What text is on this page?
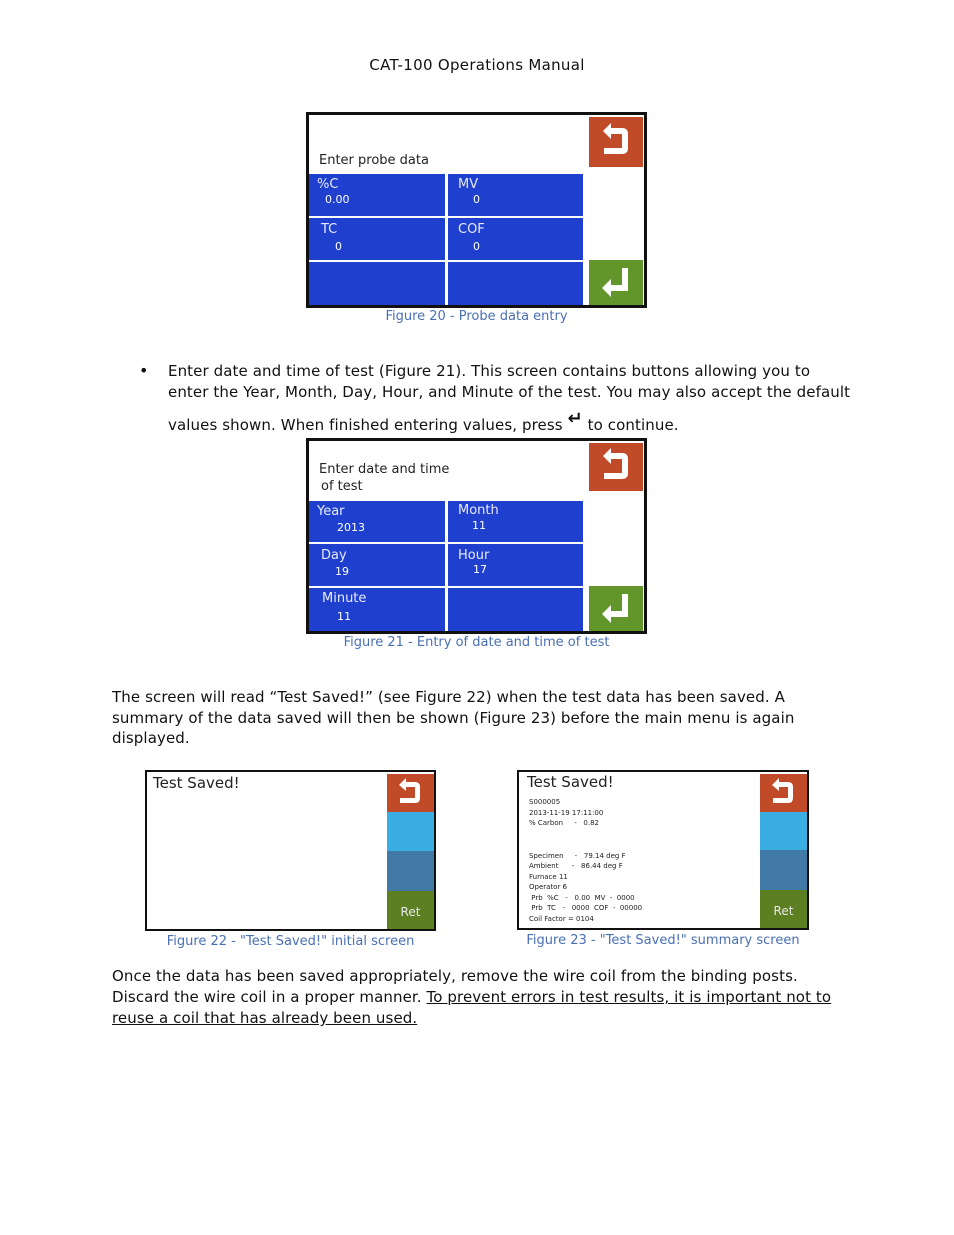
CAT-100 Operations Manual
Enter probe data
%C
0.00
MV
0
TC
0
COF
0
Figure 20 - Probe data entry
• Enter date and time of test (Figure 21). This screen contains buttons allowing you to
enter the Year, Month, Day, Hour, and Minute of the test. You may also accept the default
values shown. When finished entering values, press ↵ to continue.
Enter date and time
of test
Year
2013
Month
11
Day
19
Hour
17
Minute
11
Figure 21 - Entry of date and time of test
The screen will read “Test Saved!” (see Figure 22) when the test data has been saved. A
summary of the data saved will then be shown (Figure 23) before the main menu is again
displayed.
Test Saved!
Ret
Figure 22 - "Test Saved!" initial screen
Test Saved!
S000005
2013-11-19 17:11:00
% Carbon     -   0.82
Specimen     -   79.14 deg F
Ambient      -   86.44 deg F
Furnace 11
Operator 6
Prb  %C   -   0.00  MV  -  0000
Prb  TC   -   0000  COF  -  00000
Coil Factor = 0104
Ret
Figure 23 - "Test Saved!" summary screen
Once the data has been saved appropriately, remove the wire coil from the binding posts.
Discard the wire coil in a proper manner. To prevent errors in test results, it is important not to
reuse a coil that has already been used.
